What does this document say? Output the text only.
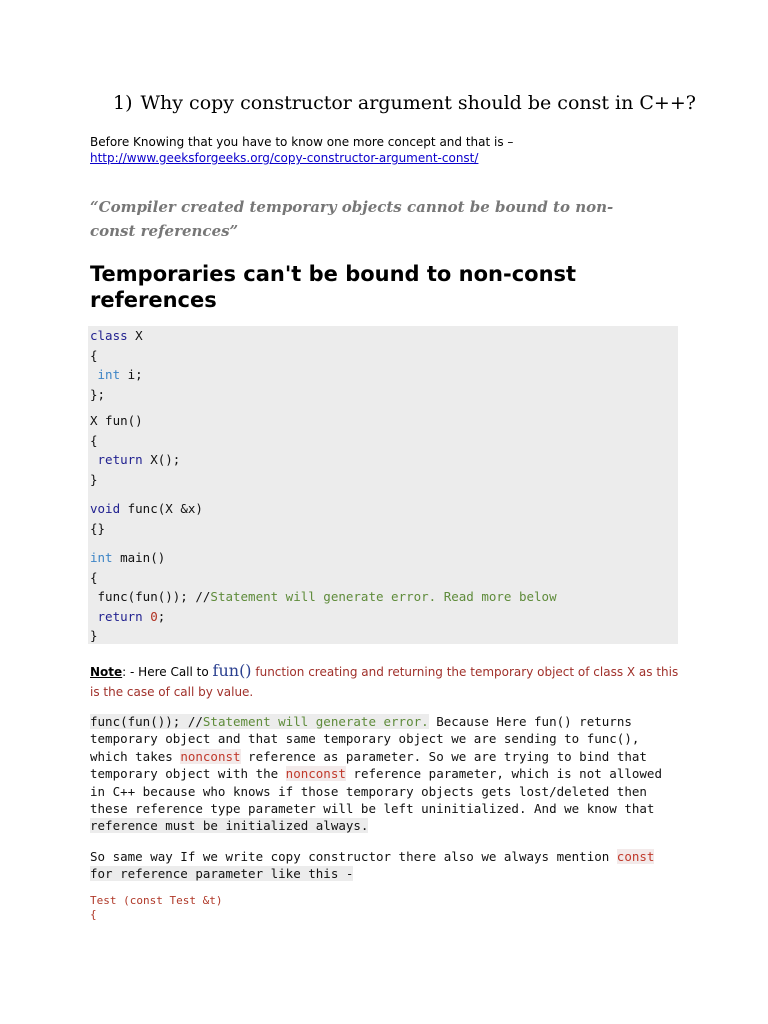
1) Why copy constructor argument should be const in C++?
Before Knowing that you have to know one more concept and that is –
http://www.geeksforgeeks.org/copy-constructor-argument-const/

“Compiler created temporary objects cannot be bound to non-const references”

Temporaries can't be bound to non-const references
class X
{
int i;
};
X fun()
{
return X();
}
void func(X &x)
{}
int main()
{
func(fun()); //Statement will generate error. Read more below
return 0;
}
Note: - Here Call to fun() function creating and returning the temporary object of class X as this is the case of call by value.
func(fun()); //Statement will generate error. Because Here fun() returns
temporary object and that same temporary object we are sending to func(),
which takes nonconst reference as parameter. So we are trying to bind that
temporary object with the nonconst reference parameter, which is not allowed
in C++ because who knows if those temporary objects gets lost/deleted then
these reference type parameter will be left uninitialized. And we know that
reference must be initialized always.
So same way If we write copy constructor there also we always mention const
for reference parameter like this -
Test (const Test &t)
{
